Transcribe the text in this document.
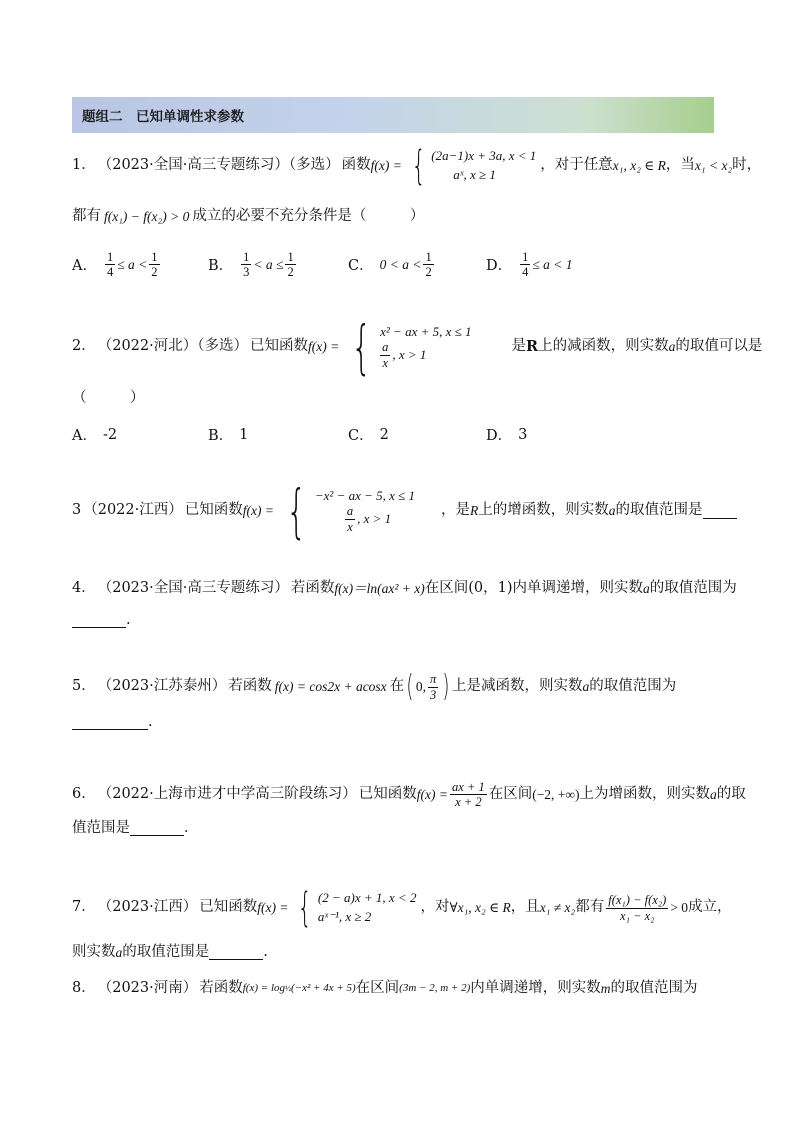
题组二　已知单调性求参数
1． （2023·全国·高三专题练习）（多选） 函数 f(x) = { (2a−1)x + 3a, x < 1
aˣ, x ≥ 1
，对于任意 x₁, x₂ ∈ R ，当 x₁ < x₂ 时，
都有 f(x₁) − f(x₂) > 0 成立的必要不充分条件是（　　　）
A． $\frac{1}{4} \le a < \frac{1}{2}$	B． $\frac{1}{3} < a \le \frac{1}{2}$	C． $0 < a < \frac{1}{2}$	D． $\frac{1}{4} \le a < 1$
2． （2022·河北）（多选） 已知函数 f(x) = { x² − ax + 5, x ≤ 1
$\frac{a}{x}$ , x > 1
是 R 上的减函数，则实数 a 的取值可以是
（　　　）
A． -2	B． 1	C． 2	D． 3
3 （2022·江西） 已知函数 f(x) = { −x² − ax − 5, x ≤ 1
$\frac{a}{x}$ , x > 1
，是 R 上的增函数，则实数 a 的取值范围是
4． （2023·全国·高三专题练习） 若函数 f(x)＝ln(ax² + x) 在区间(0，1)内单调递增，则实数 a 的取值范围为
.
5． （2023·江苏泰州） 若函数 f(x) = cos2x + acosx 在 ( 0, $\frac{\pi}{3}$ ) 上是减函数，则实数 a 的取值范围为
.
6． （2022·上海市进才中学高三阶段练习） 已知函数 $f(x) = \frac{ax + 1}{x + 2}$ 在区间 (−2, +∞) 上为增函数，则实数 a 的取
值范围是	．
7． （2023·江西） 已知函数 f(x) = { (2 − a)x + 1, x < 2
aˣ⁻¹, x ≥ 2
，对 ∀x₁, x₂ ∈ R ，且 x₁ ≠ x₂ 都有 $\frac{\text{f(x₁) − f(x₂)}}{\text{x₁ − x₂}} > 0$ 成立，
则实数 a 的取值范围是	.
8． （2023·河南） 若函数 f(x) = log ½ (−x² + 4x + 5) 在区间 (3m − 2, m + 2) 内单调递增，则实数 m 的取值范围为
